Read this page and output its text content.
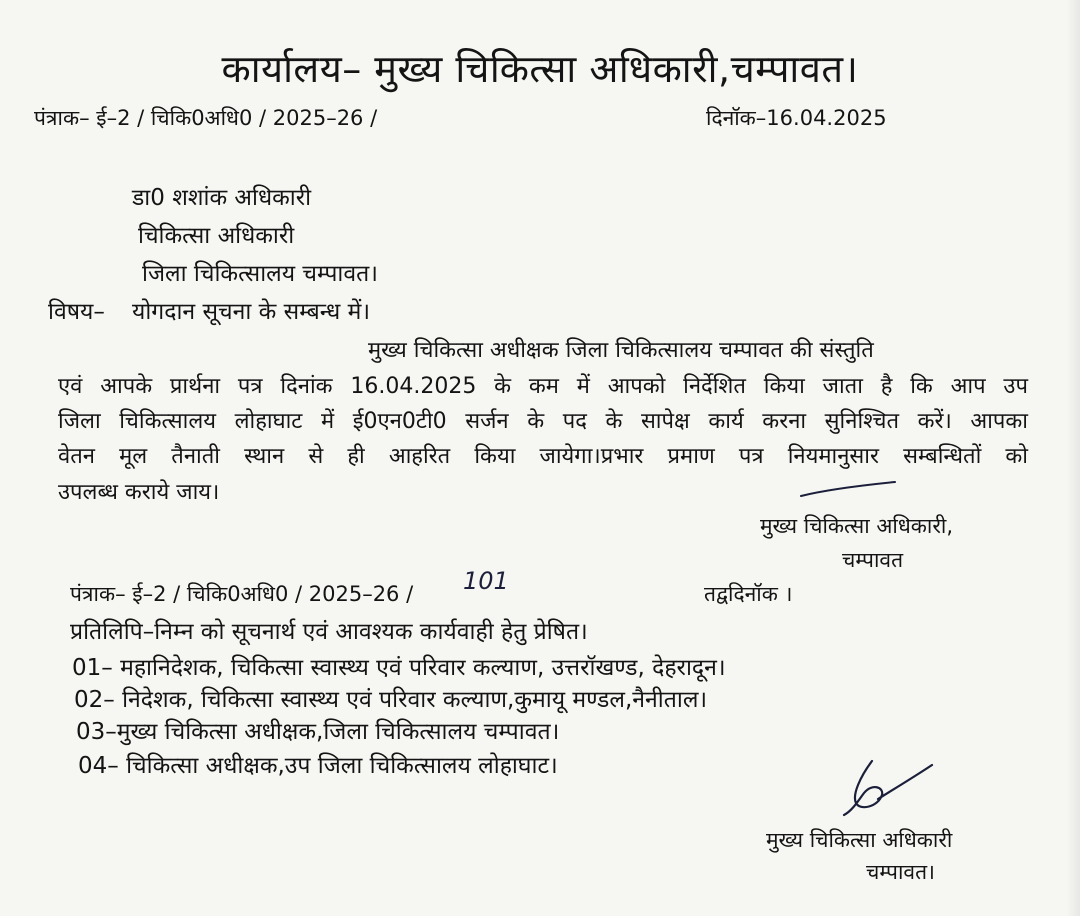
कार्यालय– मुख्य चिकित्सा अधिकारी,चम्पावत।
पंत्राक– ई–2 / चिकि0अधि0 / 2025–26 /	दिनॉक–16.04.2025
डा0 शशांक अधिकारी
चिकित्सा अधिकारी
जिला चिकित्सालय चम्पावत।
विषय– योगदान सूचना के सम्बन्ध में।
मुख्य चिकित्सा अधीक्षक जिला चिकित्सालय चम्पावत की संस्तुति
एवं आपके प्रार्थना पत्र दिनांक 16.04.2025 के कम में आपको निर्देशित किया जाता है कि आप उप
जिला चिकित्सालय लोहाघाट में ई0एन0टी0 सर्जन के पद के सापेक्ष कार्य करना सुनिश्चित करें। आपका
वेतन मूल तैनाती स्थान से ही आहरित किया जायेगा।प्रभार प्रमाण पत्र नियमानुसार सम्बन्धितों को
उपलब्ध कराये जाय।
मुख्य चिकित्सा अधिकारी,
चम्पावत
पंत्राक– ई–2 / चिकि0अधि0 / 2025–26 / 101	तद्वदिनॉक ।
प्रतिलिपि–निम्न को सूचनार्थ एवं आवश्यक कार्यवाही हेतु प्रेषित।
01– महानिदेशक, चिकित्सा स्वास्थ्य एवं परिवार कल्याण, उत्तरॉखण्ड, देहरादून।
02– निदेशक, चिकित्सा स्वास्थ्य एवं परिवार कल्याण,कुमायू मण्डल,नैनीताल।
03–मुख्य चिकित्सा अधीक्षक,जिला चिकित्सालय चम्पावत।
04– चिकित्सा अधीक्षक,उप जिला चिकित्सालय लोहाघाट।
मुख्य चिकित्सा अधिकारी
चम्पावत।
